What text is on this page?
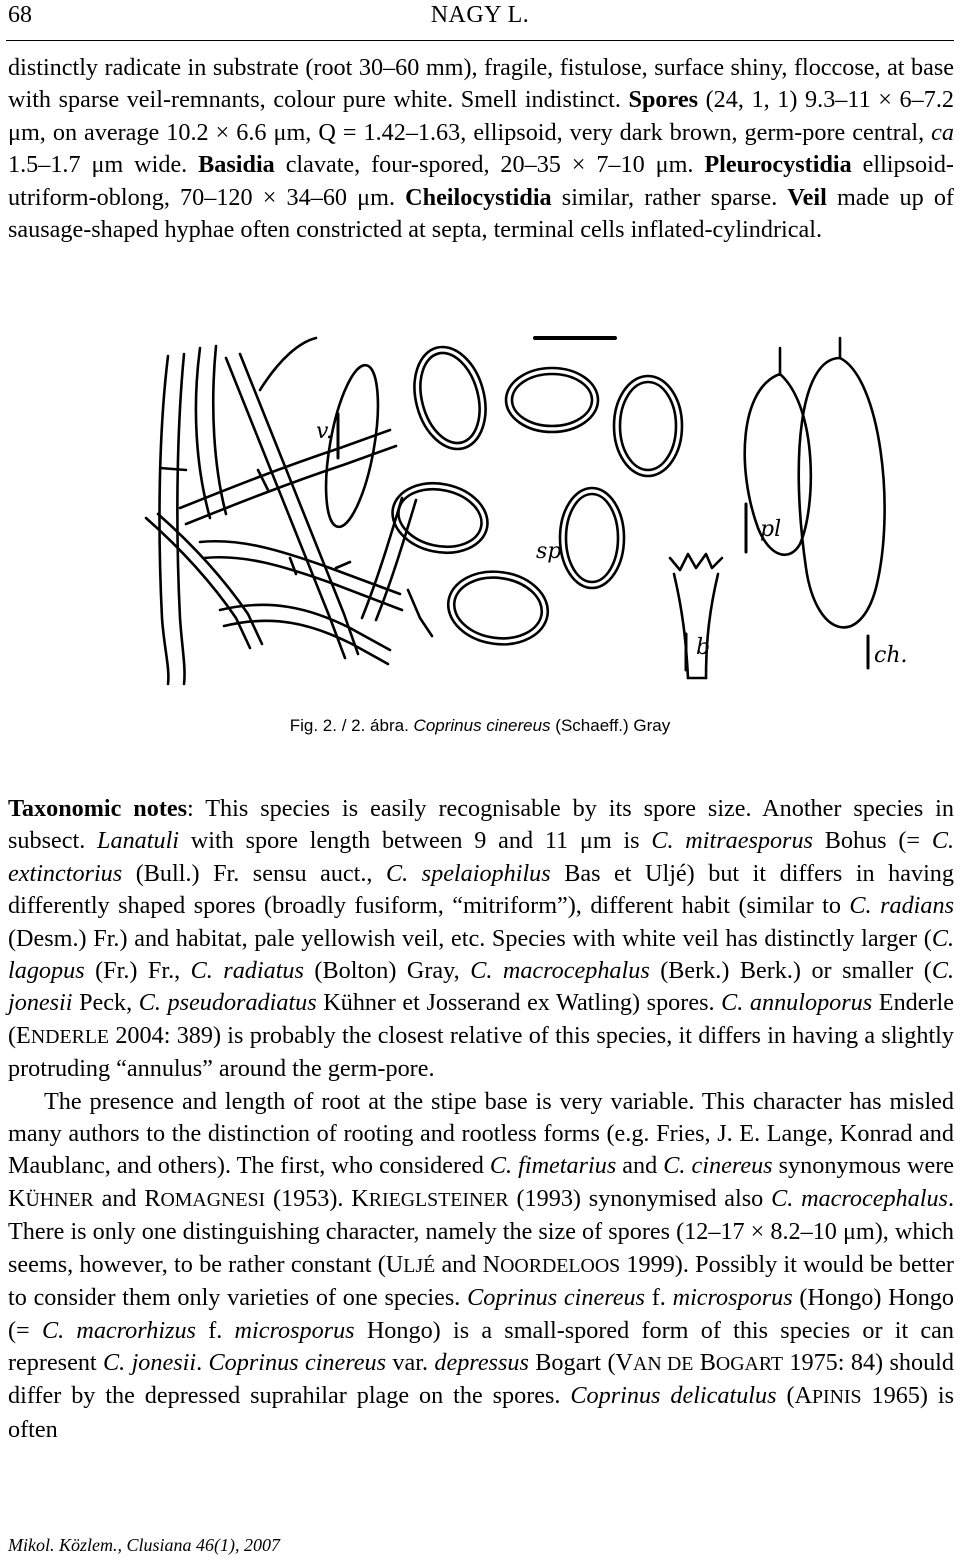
68	NAGY L.

distinctly radicate in substrate (root 30–60 mm), fragile, fistulose, surface shiny, floccose, at base with sparse veil-remnants, colour pure white. Smell indistinct. Spores (24, 1, 1) 9.3–11 × 6–7.2 μm, on average 10.2 × 6.6 μm, Q = 1.42–1.63, ellipsoid, very dark brown, germ-pore central, ca 1.5–1.7 μm wide. Basidia clavate, four-spored, 20–35 × 7–10 μm. Pleurocystidia ellipsoid-utriform-oblong, 70–120 × 34–60 μm. Cheilocystidia similar, rather sparse. Veil made up of sausage-shaped hyphae often constricted at septa, terminal cells inflated-cylindrical.

v.
sp
pl
b	ch.
Fig. 2. / 2. ábra. Coprinus cinereus (Schaeff.) Gray

Taxonomic notes: This species is easily recognisable by its spore size. Another species in subsect. Lanatuli with spore length between 9 and 11 μm is C. mitraesporus Bohus (= C. extinctorius (Bull.) Fr. sensu auct., C. spelaiophilus Bas et Uljé) but it differs in having differently shaped spores (broadly fusiform, “mitriform”), different habit (similar to C. radians (Desm.) Fr.) and habitat, pale yellowish veil, etc. Species with white veil has distinctly larger (C. lagopus (Fr.) Fr., C. radiatus (Bolton) Gray, C. macrocephalus (Berk.) Berk.) or smaller (C. jonesii Peck, C. pseudoradiatus Kühner et Josserand ex Watling) spores. C. annuloporus Enderle (ENDERLE 2004: 389) is probably the closest relative of this species, it differs in having a slightly protruding “annulus” around the germ-pore.

The presence and length of root at the stipe base is very variable. This character has misled many authors to the distinction of rooting and rootless forms (e.g. Fries, J. E. Lange, Konrad and Maublanc, and others). The first, who considered C. fimetarius and C. cinereus synonymous were KÜHNER and ROMAGNESI (1953). KRIEGLSTEINER (1993) synonymised also C. macrocephalus. There is only one distinguishing character, namely the size of spores (12–17 × 8.2–10 μm), which seems, however, to be rather constant (ULJÉ and NOORDELOOS 1999). Possibly it would be better to consider them only varieties of one species. Coprinus cinereus f. microsporus (Hongo) Hongo (= C. macrorhizus f. microsporus Hongo) is a small-spored form of this species or it can represent C. jonesii. Coprinus cinereus var. depressus Bogart (VAN DE BOGART 1975: 84) should differ by the depressed suprahilar plage on the spores. Coprinus delicatulus (APINIS 1965) is often

Mikol. Közlem., Clusiana 46(1), 2007
